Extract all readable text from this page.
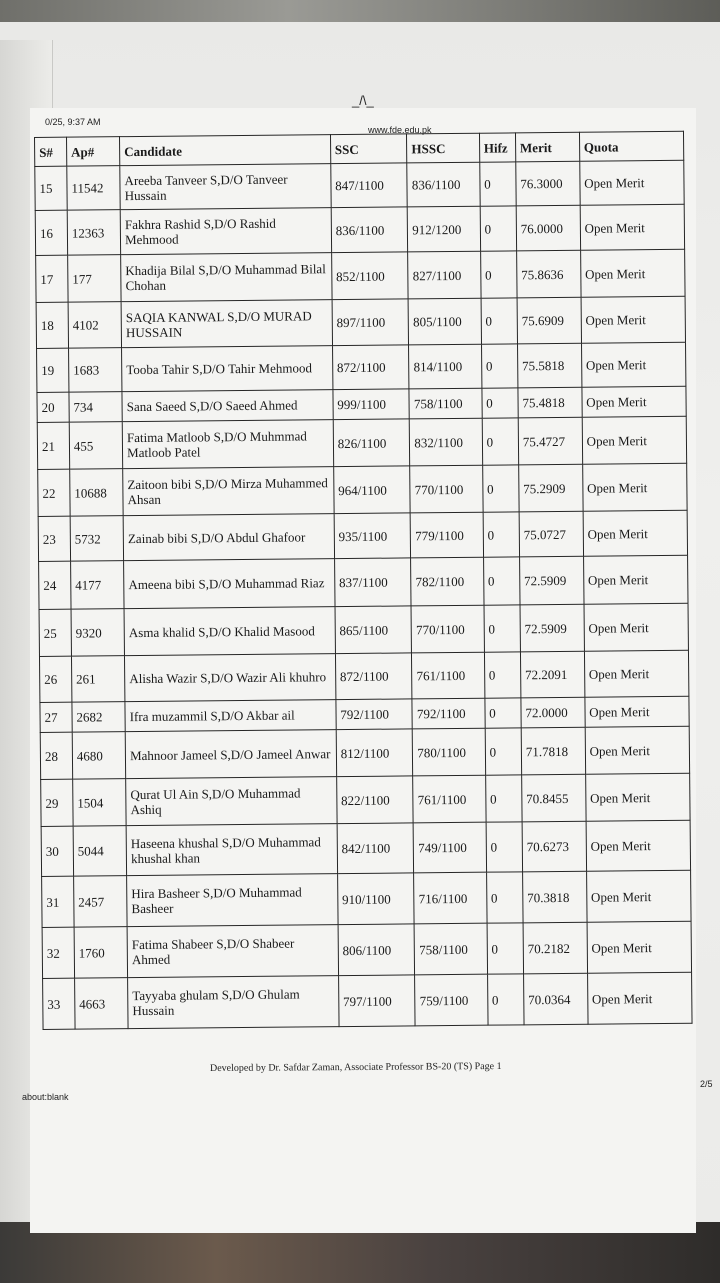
_/\_
0/25, 9:37 AM
www.fde.edu.pk
S#	Ap#	Candidate	SSC	HSSC	Hifz	Merit	Quota
15	11542	Areeba Tanveer S,D/O Tanveer Hussain	847/1100	836/1100	0	76.3000	Open Merit
16	12363	Fakhra Rashid S,D/O Rashid Mehmood	836/1100	912/1200	0	76.0000	Open Merit
17	177	Khadija Bilal S,D/O Muhammad Bilal Chohan	852/1100	827/1100	0	75.8636	Open Merit
18	4102	SAQIA KANWAL S,D/O MURAD HUSSAIN	897/1100	805/1100	0	75.6909	Open Merit
19	1683	Tooba Tahir S,D/O Tahir Mehmood	872/1100	814/1100	0	75.5818	Open Merit
20	734	Sana Saeed S,D/O Saeed Ahmed	999/1100	758/1100	0	75.4818	Open Merit
21	455	Fatima Matloob S,D/O Muhmmad Matloob Patel	826/1100	832/1100	0	75.4727	Open Merit
22	10688	Zaitoon bibi S,D/O Mirza Muhammed Ahsan	964/1100	770/1100	0	75.2909	Open Merit
23	5732	Zainab bibi S,D/O Abdul Ghafoor	935/1100	779/1100	0	75.0727	Open Merit
24	4177	Ameena bibi S,D/O Muhammad Riaz	837/1100	782/1100	0	72.5909	Open Merit
25	9320	Asma khalid S,D/O Khalid Masood	865/1100	770/1100	0	72.5909	Open Merit
26	261	Alisha Wazir S,D/O Wazir Ali khuhro	872/1100	761/1100	0	72.2091	Open Merit
27	2682	Ifra muzammil S,D/O Akbar ail	792/1100	792/1100	0	72.0000	Open Merit
28	4680	Mahnoor Jameel S,D/O Jameel Anwar	812/1100	780/1100	0	71.7818	Open Merit
29	1504	Qurat Ul Ain S,D/O Muhammad Ashiq	822/1100	761/1100	0	70.8455	Open Merit
30	5044	Haseena khushal S,D/O Muhammad khushal khan	842/1100	749/1100	0	70.6273	Open Merit
31	2457	Hira Basheer S,D/O Muhammad Basheer	910/1100	716/1100	0	70.3818	Open Merit
32	1760	Fatima Shabeer S,D/O Shabeer Ahmed	806/1100	758/1100	0	70.2182	Open Merit
33	4663	Tayyaba ghulam S,D/O Ghulam Hussain	797/1100	759/1100	0	70.0364	Open Merit
Developed by Dr. Safdar Zaman, Associate Professor BS-20 (TS) Page 1
about:blank
2/5
